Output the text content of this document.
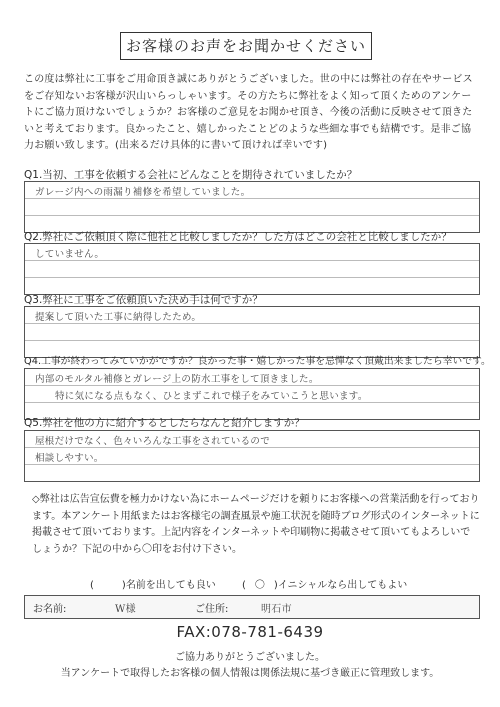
お客様のお声をお聞かせください
この度は弊社に工事をご用命頂き誠にありがとうございました。世の中には弊社の存在やサービスをご存知ないお客様が沢山いらっしゃいます。その方たちに弊社をよく知って頂くためのアンケートにご協力頂けないでしょうか？お客様のご意見をお聞かせ頂き、今後の活動に反映させて頂きたいと考えております。良かったこと、嬉しかったことどのような些細な事でも結構です。是非ご協力お願い致します。(出来るだけ具体的に書いて頂ければ幸いです)
Q1.当初、工事を依頼する会社にどんなことを期待されていましたか？
ガレージ内への雨漏り補修を希望していました。
Q2.弊社にご依頼頂く際に他社と比較しましたか？した方はどこの会社と比較しましたか？
していません。
Q3.弊社に工事をご依頼頂いた決め手は何ですか？
提案して頂いた工事に納得したため。
Q4.工事が終わってみていかがですか？良かった事・嬉しかった事を忌憚なく頂戴出来ましたら幸いです。
内部のモルタル補修とガレージ上の防水工事をして頂きました。
特に気になる点もなく、ひとまずこれで様子をみていこうと思います。
Q5.弊社を他の方に紹介するとしたらなんと紹介しますか？
屋根だけでなく、色々いろんな工事をされているので
相談しやすい。
◇弊社は広告宣伝費を極力かけない為にホームページだけを頼りにお客様への営業活動を行っております。本アンケート用紙またはお客様宅の調査風景や施工状況を随時ブログ形式のインターネットに掲載させて頂いております。上記内容をインターネットや印刷物に掲載させて頂いてもよろしいでしょうか？下記の中から〇印をお付け下さい。
(	)名前を出しても良い	( 〇 )イニシャルなら出してもよい
お名前:	W様	ご住所:	明石市
FAX:078-781-6439
ご協力ありがとうございました。
当アンケートで取得したお客様の個人情報は関係法規に基づき厳正に管理致します。
